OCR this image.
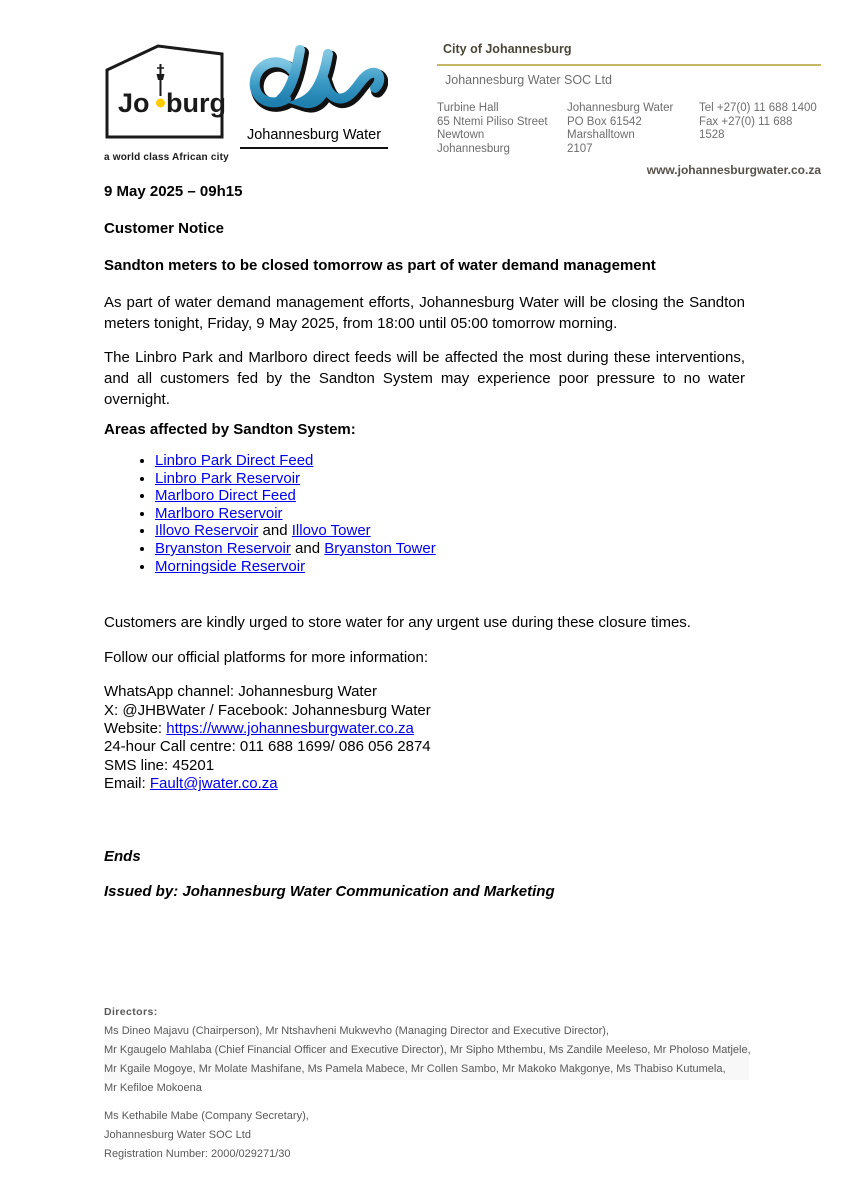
Jo burg
a world class African city
Johannesburg Water
City of Johannesburg
Johannesburg Water SOC Ltd
Turbine Hall
65 Ntemi Piliso Street
Newtown
Johannesburg
Johannesburg Water
PO Box 61542
Marshalltown
2107
Tel +27(0) 11 688 1400
Fax +27(0) 11 688 1528
www.johannesburgwater.co.za

9 May 2025 – 09h15

Customer Notice

Sandton meters to be closed tomorrow as part of water demand management

As part of water demand management efforts, Johannesburg Water will be closing the Sandton meters tonight, Friday, 9 May 2025, from 18:00 until 05:00 tomorrow morning.

The Linbro Park and Marlboro direct feeds will be affected the most during these interventions, and all customers fed by the Sandton System may experience poor pressure to no water overnight.

Areas affected by Sandton System:

• Linbro Park Direct Feed
• Linbro Park Reservoir
• Marlboro Direct Feed
• Marlboro Reservoir
• Illovo Reservoir and Illovo Tower
• Bryanston Reservoir and Bryanston Tower
• Morningside Reservoir

Customers are kindly urged to store water for any urgent use during these closure times.

Follow our official platforms for more information:

WhatsApp channel: Johannesburg Water
X: @JHBWater / Facebook: Johannesburg Water
Website: https://www.johannesburgwater.co.za
24-hour Call centre: 011 688 1699/ 086 056 2874
SMS line: 45201
Email: Fault@jwater.co.za

Ends

Issued by: Johannesburg Water Communication and Marketing

Directors:
Ms Dineo Majavu (Chairperson), Mr Ntshavheni Mukwevho (Managing Director and Executive Director),
Mr Kgaugelo Mahlaba (Chief Financial Officer and Executive Director), Mr Sipho Mthembu, Ms Zandile Meeleso, Mr Pholoso Matjele,
Mr Kgaile Mogoye, Mr Molate Mashifane, Ms Pamela Mabece, Mr Collen Sambo, Mr Makoko Makgonye, Ms Thabiso Kutumela,
Mr Kefiloe Mokoena
Ms Kethabile Mabe (Company Secretary),
Johannesburg Water SOC Ltd
Registration Number: 2000/029271/30
